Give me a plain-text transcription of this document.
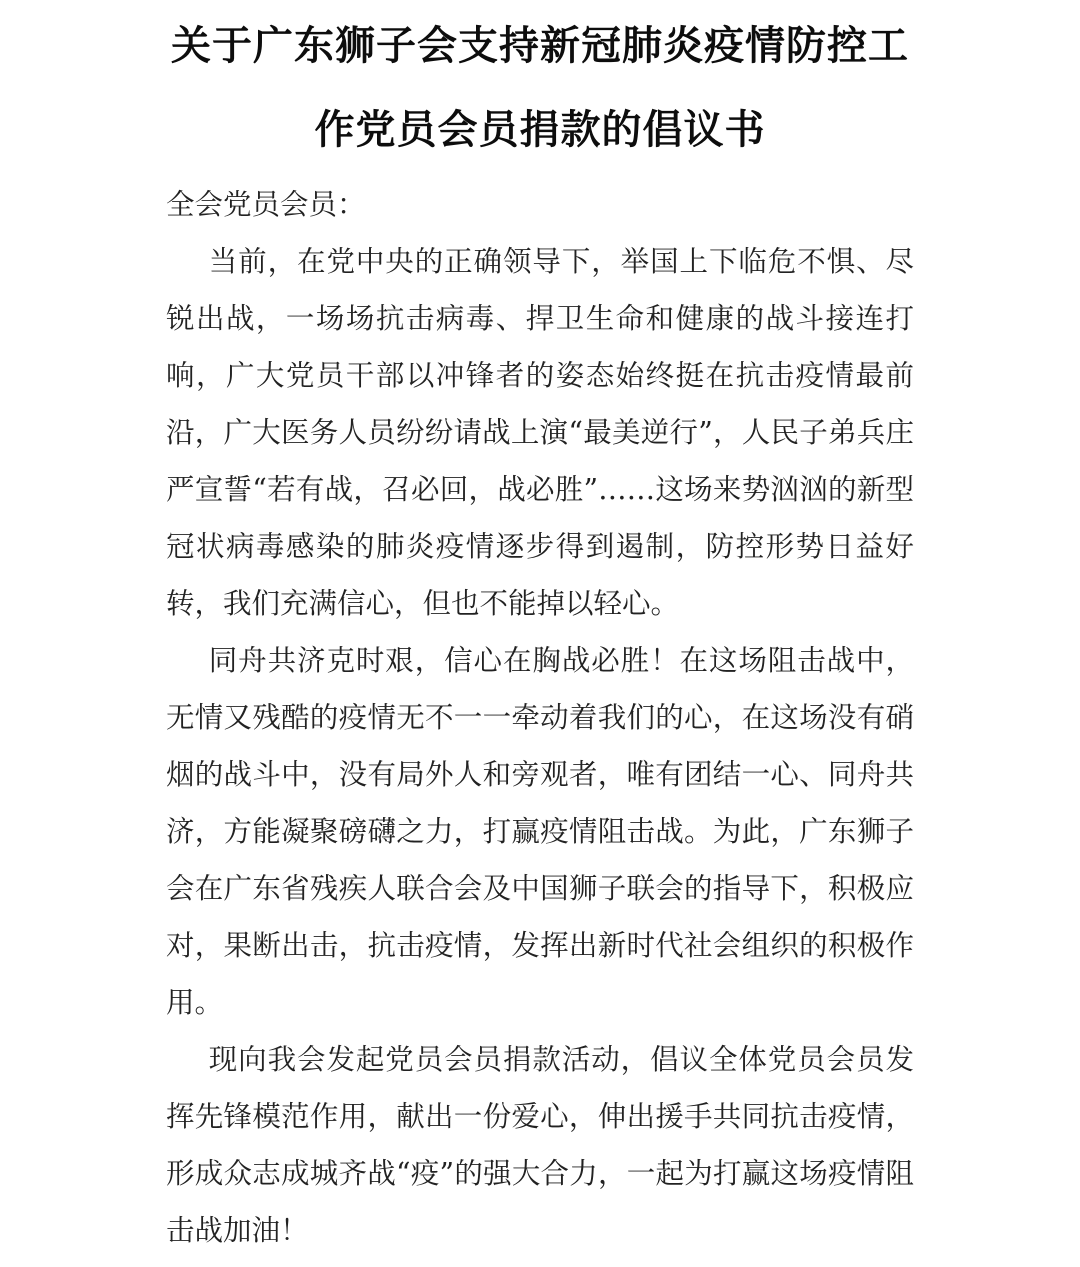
关于广东狮子会支持新冠肺炎疫情防控工
作党员会员捐款的倡议书

全会党员会员：

当前，在党中央的正确领导下，举国上下临危不惧、尽锐出战，一场场抗击病毒、捍卫生命和健康的战斗接连打响，广大党员干部以冲锋者的姿态始终挺在抗击疫情最前沿，广大医务人员纷纷请战上演“最美逆行”，人民子弟兵庄严宣誓“若有战，召必回，战必胜”……这场来势汹汹的新型冠状病毒感染的肺炎疫情逐步得到遏制，防控形势日益好转，我们充满信心，但也不能掉以轻心。

同舟共济克时艰，信心在胸战必胜！在这场阻击战中，无情又残酷的疫情无不一一牵动着我们的心，在这场没有硝烟的战斗中，没有局外人和旁观者，唯有团结一心、同舟共济，方能凝聚磅礴之力，打赢疫情阻击战。为此，广东狮子会在广东省残疾人联合会及中国狮子联会的指导下，积极应对，果断出击，抗击疫情，发挥出新时代社会组织的积极作用。

现向我会发起党员会员捐款活动，倡议全体党员会员发挥先锋模范作用，献出一份爱心，伸出援手共同抗击疫情，形成众志成城齐战“疫”的强大合力，一起为打赢这场疫情阻击战加油！
